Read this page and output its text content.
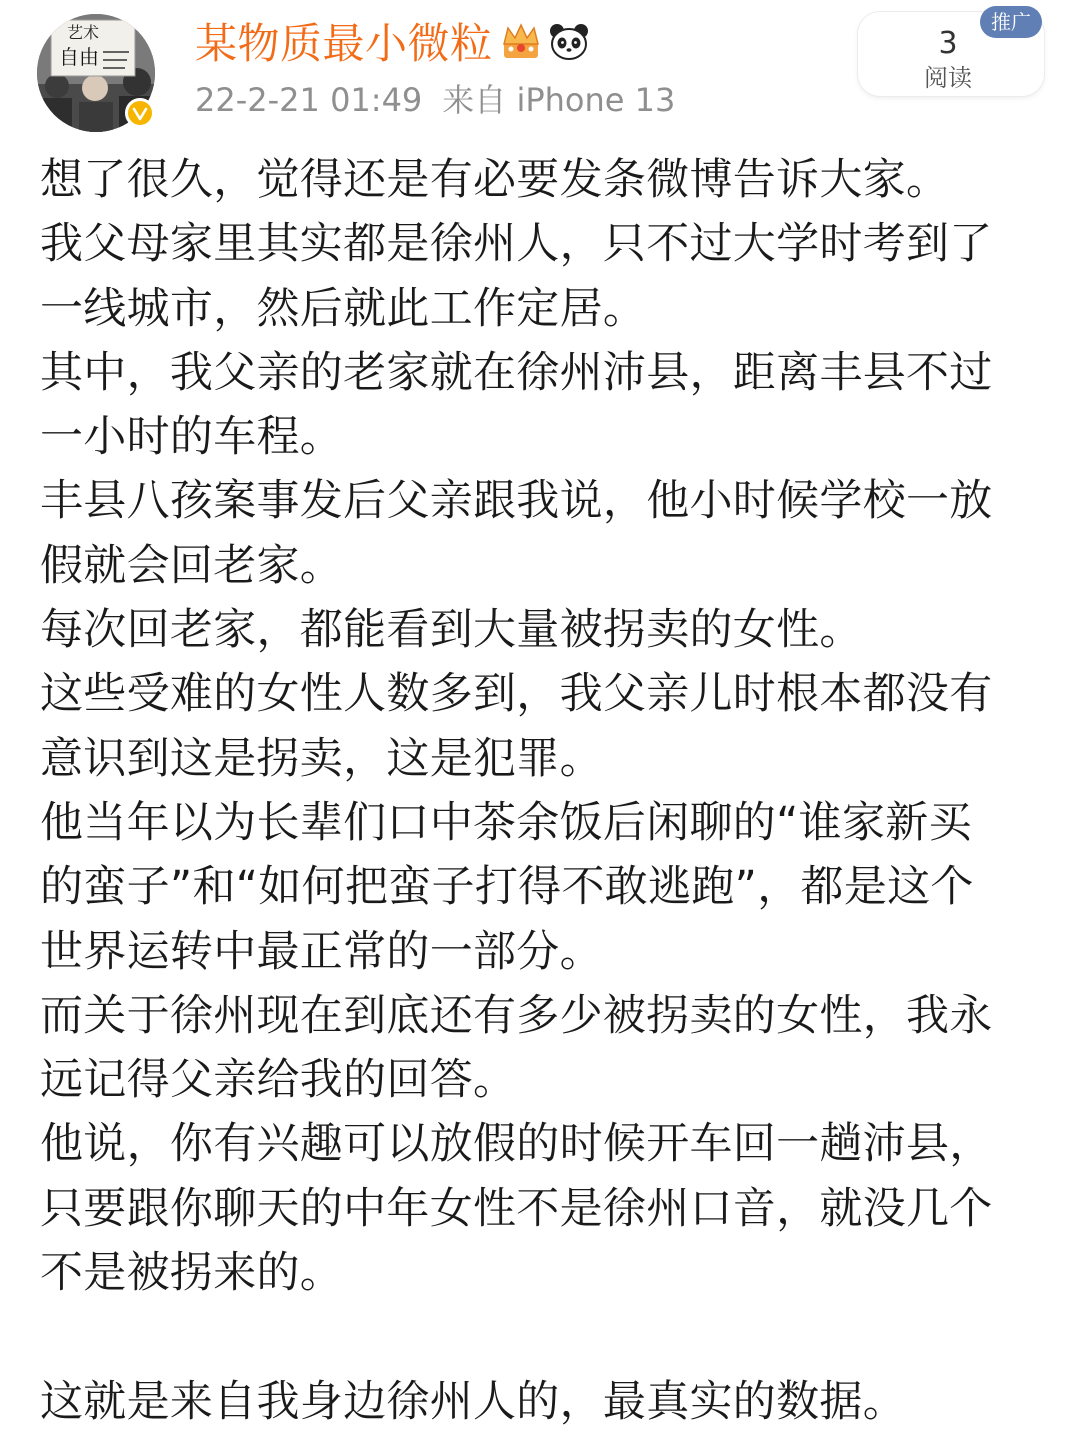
艺术
自由 某物质最小微粒
22-2-21 01:49 来自 iPhone 13
3
阅读
推广
想了很久，觉得还是有必要发条微博告诉大家。
我父母家里其实都是徐州人，只不过大学时考到了
一线城市，然后就此工作定居。
其中，我父亲的老家就在徐州沛县，距离丰县不过
一小时的车程。
丰县八孩案事发后父亲跟我说，他小时候学校一放
假就会回老家。
每次回老家，都能看到大量被拐卖的女性。
这些受难的女性人数多到，我父亲儿时根本都没有
意识到这是拐卖，这是犯罪。
他当年以为长辈们口中茶余饭后闲聊的“谁家新买
的蛮子”和“如何把蛮子打得不敢逃跑”，都是这个
世界运转中最正常的一部分。
而关于徐州现在到底还有多少被拐卖的女性，我永
远记得父亲给我的回答。
他说，你有兴趣可以放假的时候开车回一趟沛县，
只要跟你聊天的中年女性不是徐州口音，就没几个
不是被拐来的。
这就是来自我身边徐州人的，最真实的数据。
